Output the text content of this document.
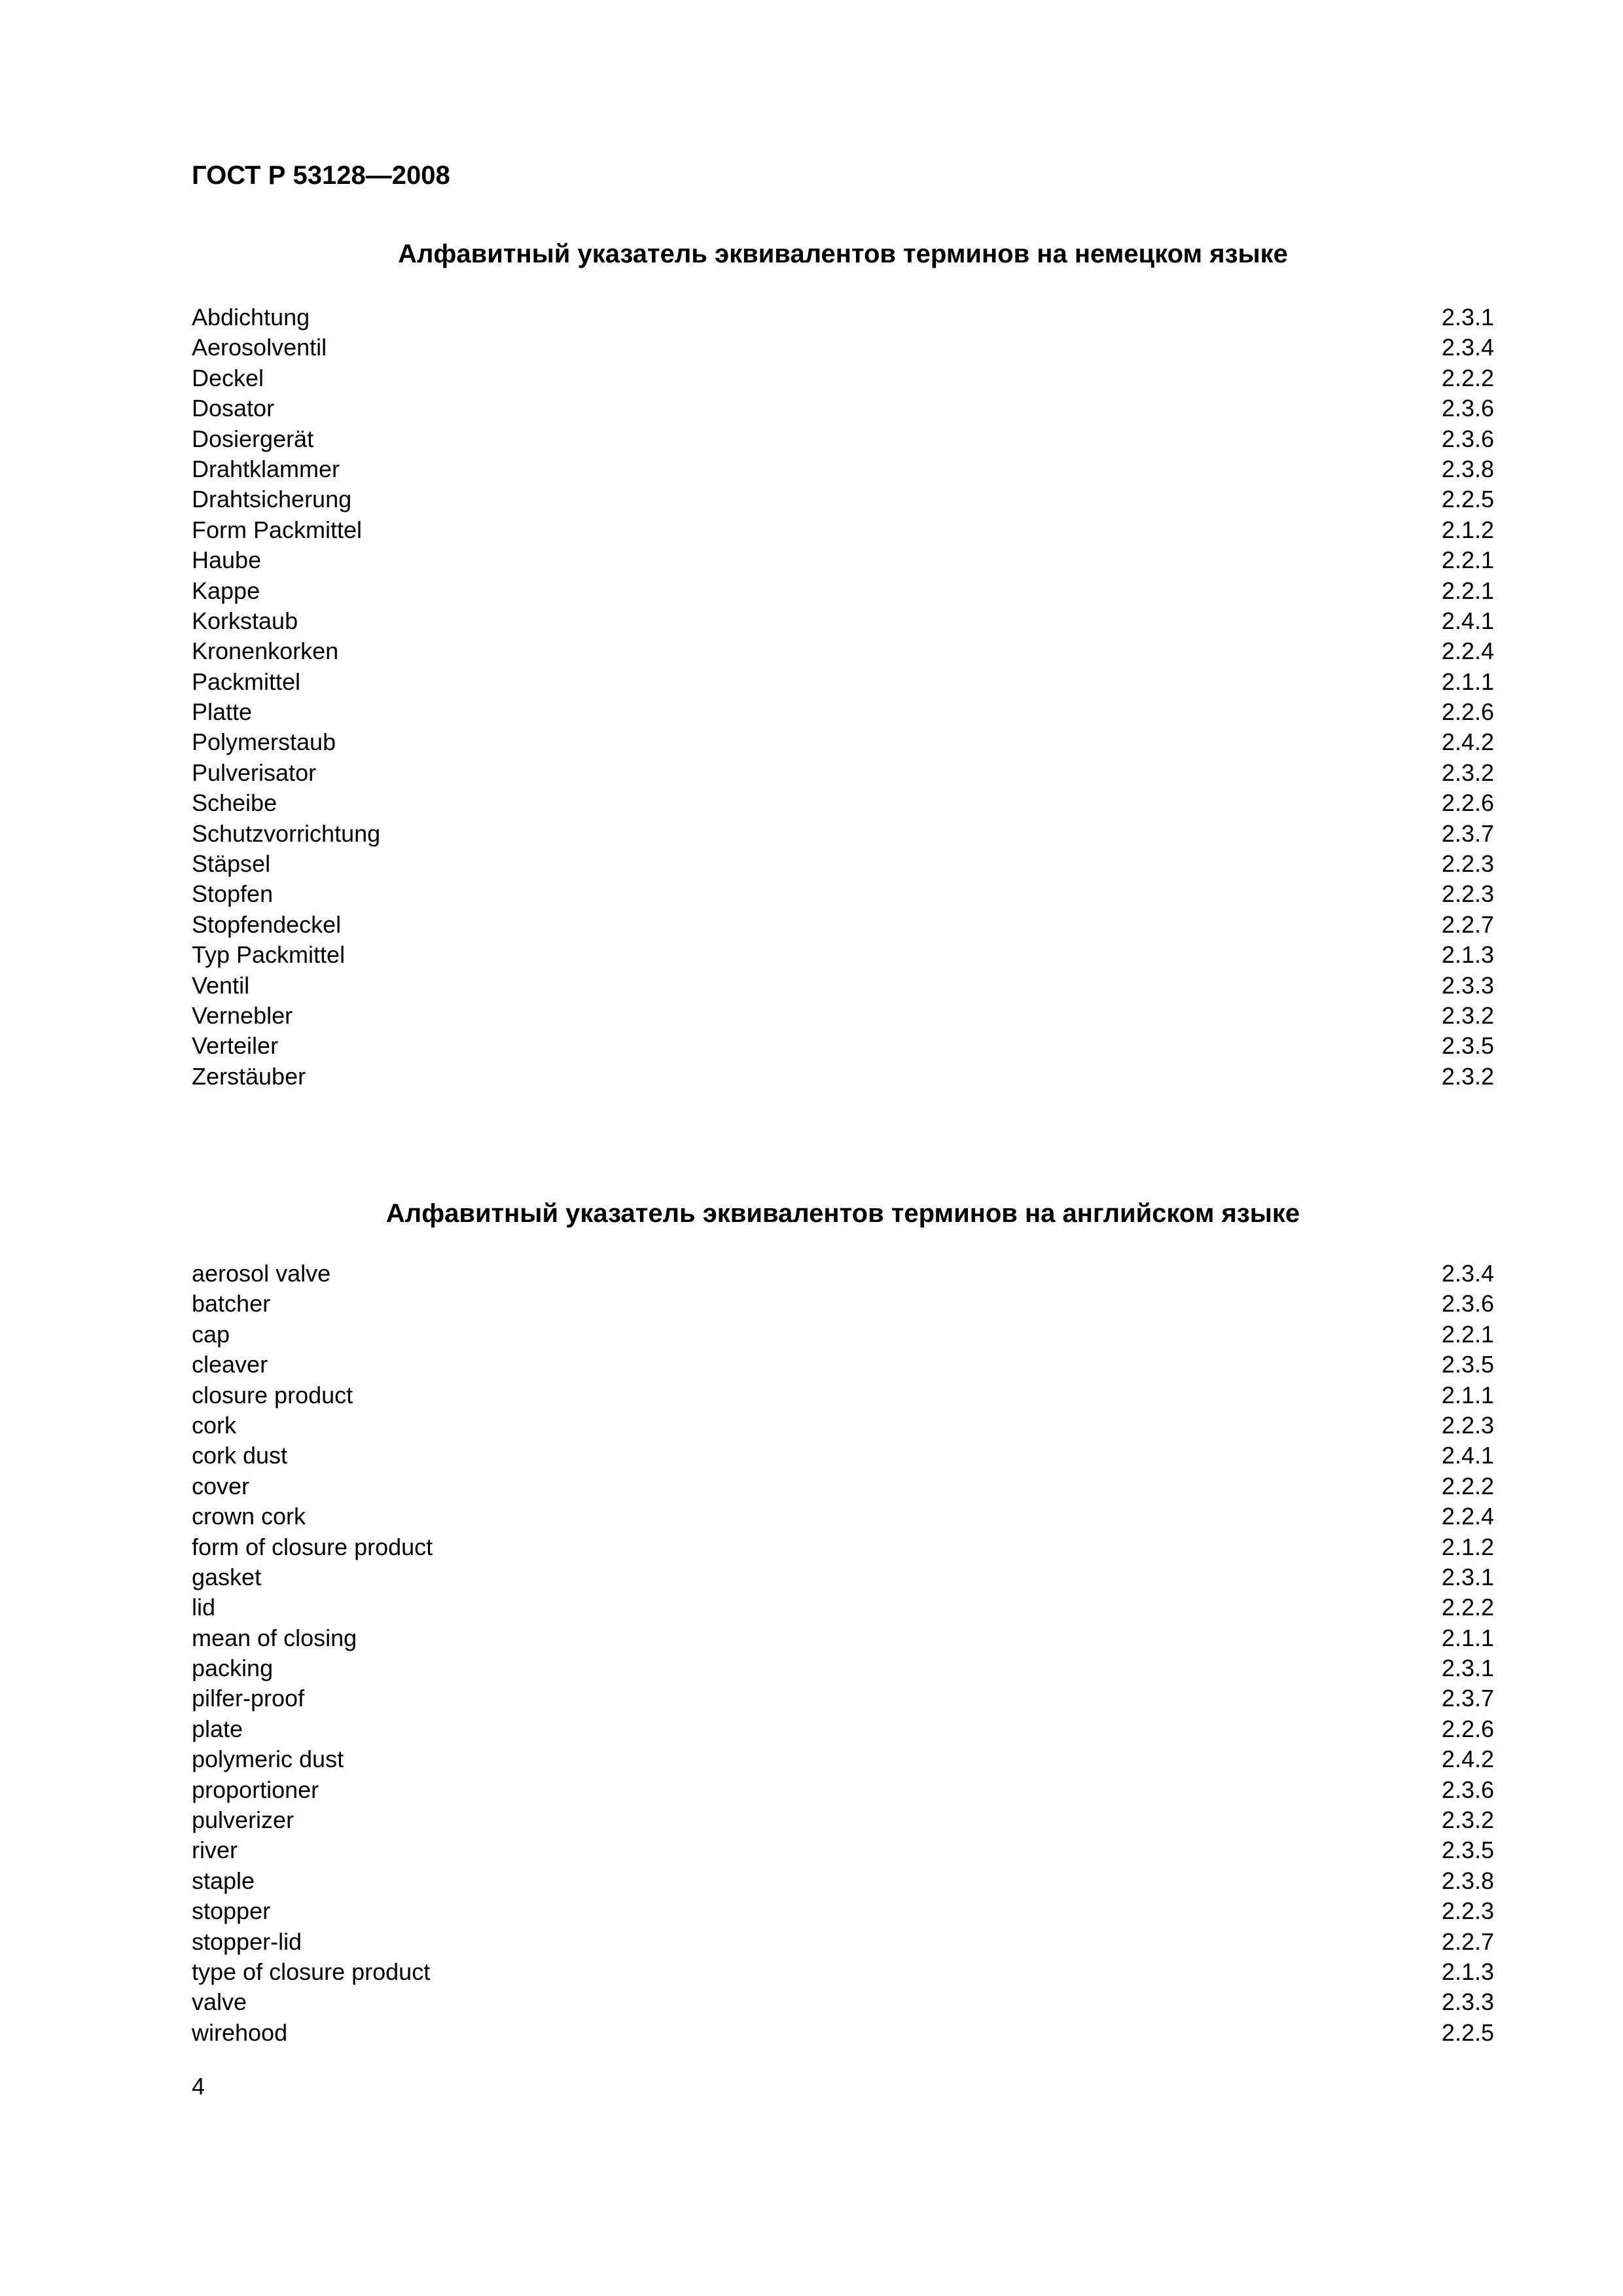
ГОСТ Р 53128—2008
Алфавитный указатель эквивалентов терминов на немецком языке
Abdichtung	2.3.1
Aerosolventil	2.3.4
Deckel	2.2.2
Dosator	2.3.6
Dosiergerät	2.3.6
Drahtklammer	2.3.8
Drahtsicherung	2.2.5
Form Packmittel	2.1.2
Haube	2.2.1
Kappe	2.2.1
Korkstaub	2.4.1
Kronenkorken	2.2.4
Packmittel	2.1.1
Platte	2.2.6
Polymerstaub	2.4.2
Pulverisator	2.3.2
Scheibe	2.2.6
Schutzvorrichtung	2.3.7
Stäpsel	2.2.3
Stopfen	2.2.3
Stopfendeckel	2.2.7
Typ Packmittel	2.1.3
Ventil	2.3.3
Vernebler	2.3.2
Verteiler	2.3.5
Zerstäuber	2.3.2
Алфавитный указатель эквивалентов терминов на английском языке
aerosol valve	2.3.4
batcher	2.3.6
cap	2.2.1
cleaver	2.3.5
closure product	2.1.1
cork	2.2.3
cork dust	2.4.1
cover	2.2.2
crown cork	2.2.4
form of closure product	2.1.2
gasket	2.3.1
lid	2.2.2
mean of closing	2.1.1
packing	2.3.1
pilfer-proof	2.3.7
plate	2.2.6
polymeric dust	2.4.2
proportioner	2.3.6
pulverizer	2.3.2
river	2.3.5
staple	2.3.8
stopper	2.2.3
stopper-lid	2.2.7
type of closure product	2.1.3
valve	2.3.3
wirehood	2.2.5
4
